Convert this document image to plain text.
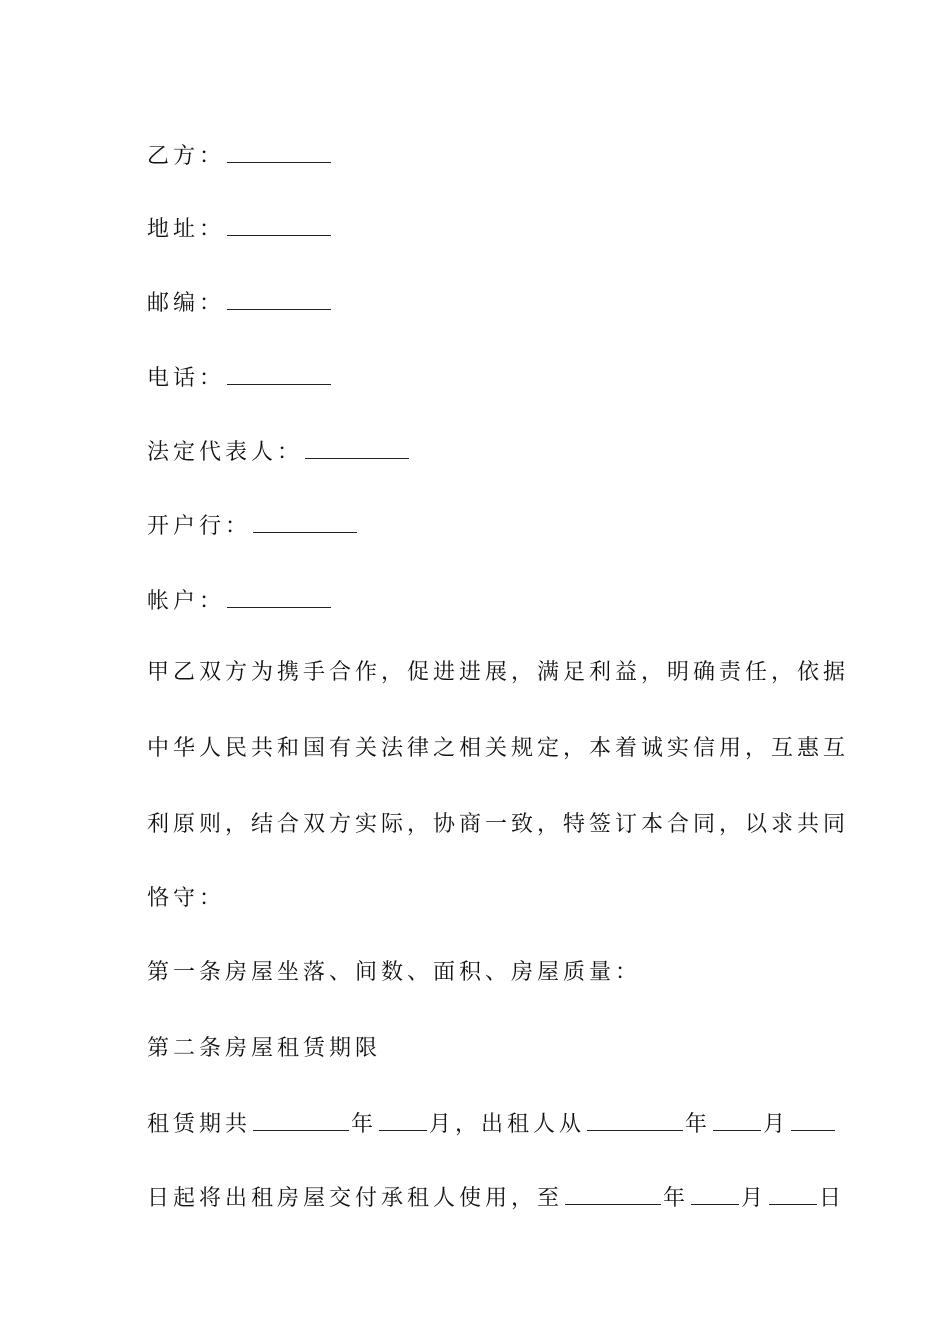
乙方：
地址：
邮编：
电话：
法定代表人：
开户行：
帐户：
甲乙双方为携手合作，促进进展，满足利益，明确责任，依据
中华人民共和国有关法律之相关规定，本着诚实信用，互惠互
利原则，结合双方实际，协商一致，特签订本合同，以求共同
恪守：
第一条房屋坐落、间数、面积、房屋质量：
第二条房屋租赁期限
租赁期共	年 月，出租人从	年 月
日起将出租房屋交付承租人使用，至	年 月 日
